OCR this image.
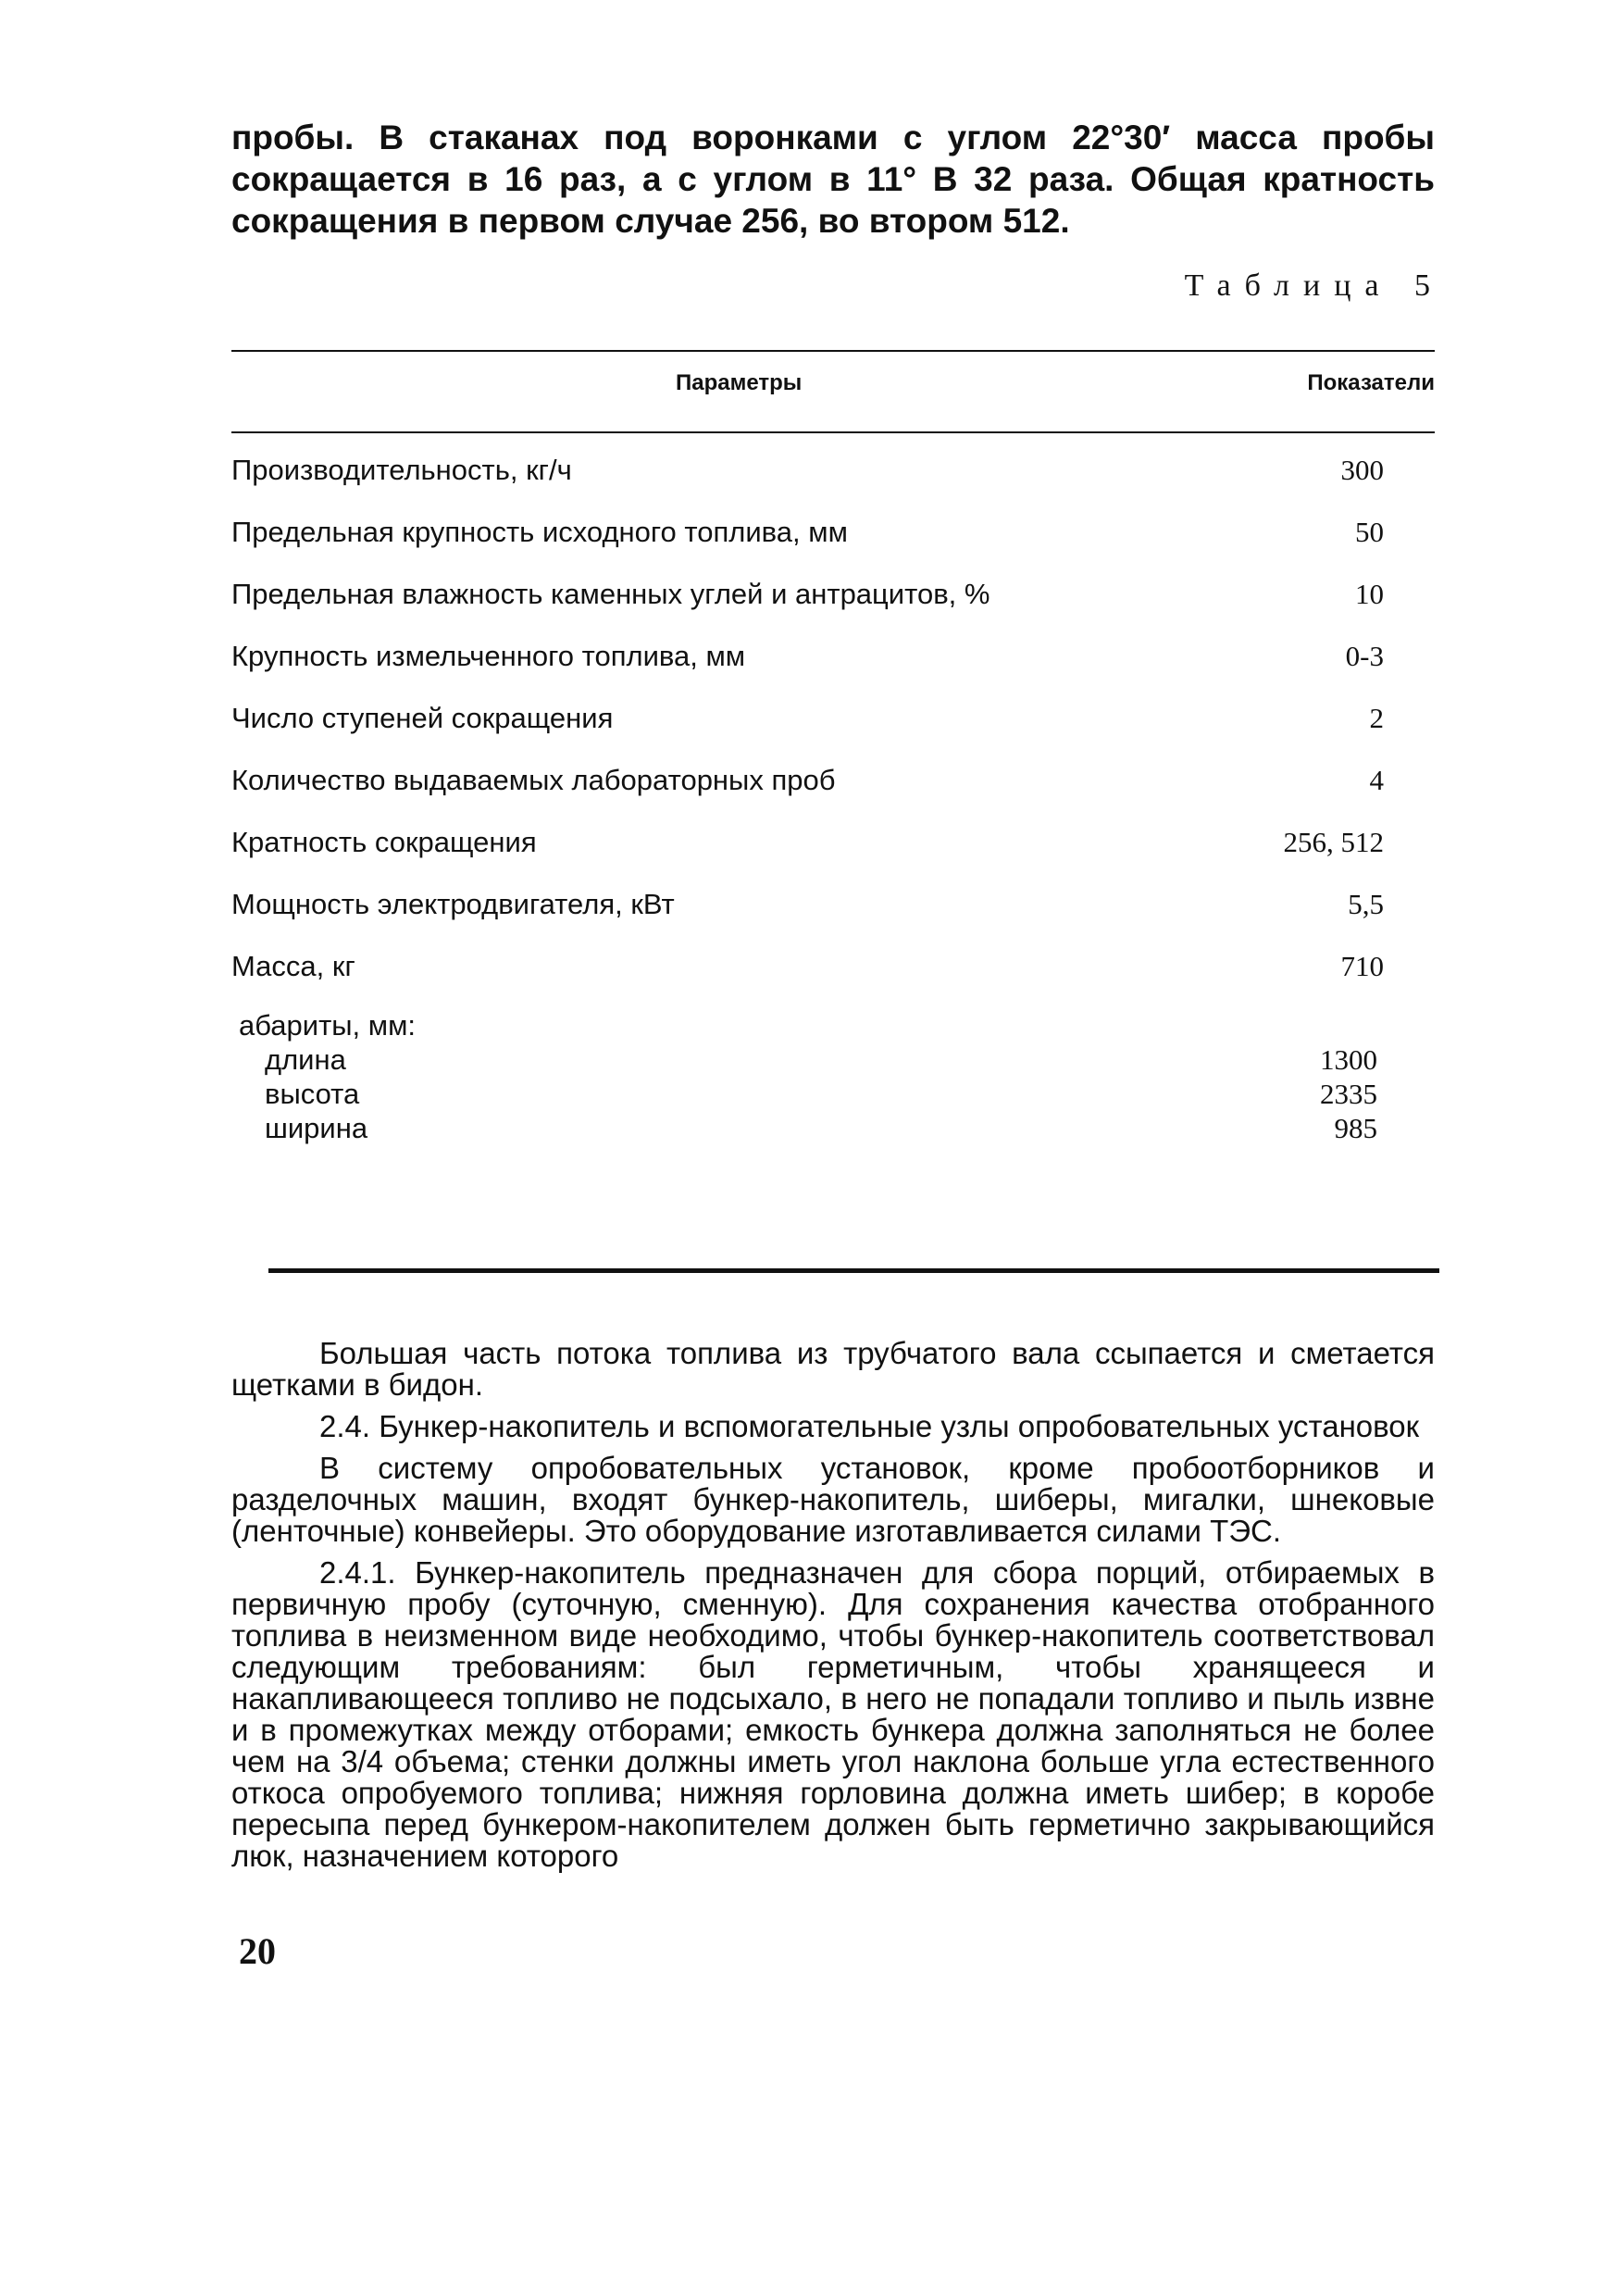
пробы. В стаканах под воронками с углом 22°30′ масса пробы сокращается в 16 раз, а с углом в 11° В 32 раза. Общая кратность сокращения в первом случае 256, во втором 512.
Таблица 5
Параметры	Показатели
Производительность, кг/ч	300
Предельная крупность исходного топлива, мм	50
Предельная влажность каменных углей и антрацитов, %	10
Крупность измельченного топлива, мм	0-3
Число ступеней сокращения	2
Количество выдаваемых лабораторных проб	4
Кратность сокращения	256, 512
Мощность электродвигателя, кВт	5,5
Масса, кг	710
абариты, мм:
длина	1300
высота	2335
ширина	985

Большая часть потока топлива из трубчатого вала ссыпается и сметается щетками в бидон.

2.4. Бункер-накопитель и вспомогательные узлы опробовательных установок

В систему опробовательных установок, кроме пробоотборников и разделочных машин, входят бункер-накопитель, шиберы, мигалки, шнековые (ленточные) конвейеры. Это оборудование изготавливается силами ТЭС.

2.4.1. Бункер-накопитель предназначен для сбора порций, отбираемых в первичную пробу (суточную, сменную). Для сохранения качества отобранного топлива в неизменном виде необходимо, чтобы бункер-накопитель соответствовал следующим требованиям: был герметичным, чтобы хранящееся и накапливающееся топливо не подсыхало, в него не попадали топливо и пыль извне и в промежутках между отборами; емкость бункера должна заполняться не более чем на 3/4 объема; стенки должны иметь угол наклона больше угла естественного откоса опробуемого топлива; нижняя горловина должна иметь шибер; в коробе пересыпа перед бункером-накопителем должен быть герметично закрывающийся люк, назначением которого

20
